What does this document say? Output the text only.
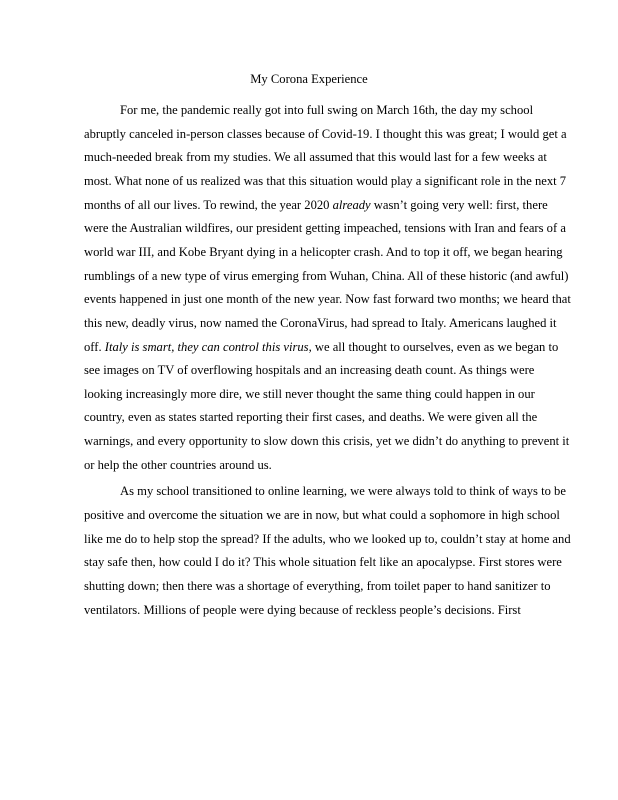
My Corona Experience
For me, the pandemic really got into full swing on March 16th, the day my school
abruptly canceled in-person classes because of Covid-19. I thought this was great; I would get a
much-needed break from my studies. We all assumed that this would last for a few weeks at
most. What none of us realized was that this situation would play a significant role in the next 7
months of all our lives. To rewind, the year 2020 already wasn’t going very well: first, there
were the Australian wildfires, our president getting impeached, tensions with Iran and fears of a
world war III, and Kobe Bryant dying in a helicopter crash. And to top it off, we began hearing
rumblings of a new type of virus emerging from Wuhan, China. All of these historic (and awful)
events happened in just one month of the new year. Now fast forward two months; we heard that
this new, deadly virus, now named the CoronaVirus, had spread to Italy. Americans laughed it
off. Italy is smart, they can control this virus, we all thought to ourselves, even as we began to
see images on TV of overflowing hospitals and an increasing death count. As things were
looking increasingly more dire, we still never thought the same thing could happen in our
country, even as states started reporting their first cases, and deaths. We were given all the
warnings, and every opportunity to slow down this crisis, yet we didn’t do anything to prevent it
or help the other countries around us.
As my school transitioned to online learning, we were always told to think of ways to be
positive and overcome the situation we are in now, but what could a sophomore in high school
like me do to help stop the spread? If the adults, who we looked up to, couldn’t stay at home and
stay safe then, how could I do it? This whole situation felt like an apocalypse. First stores were
shutting down; then there was a shortage of everything, from toilet paper to hand sanitizer to
ventilators. Millions of people were dying because of reckless people’s decisions. First
